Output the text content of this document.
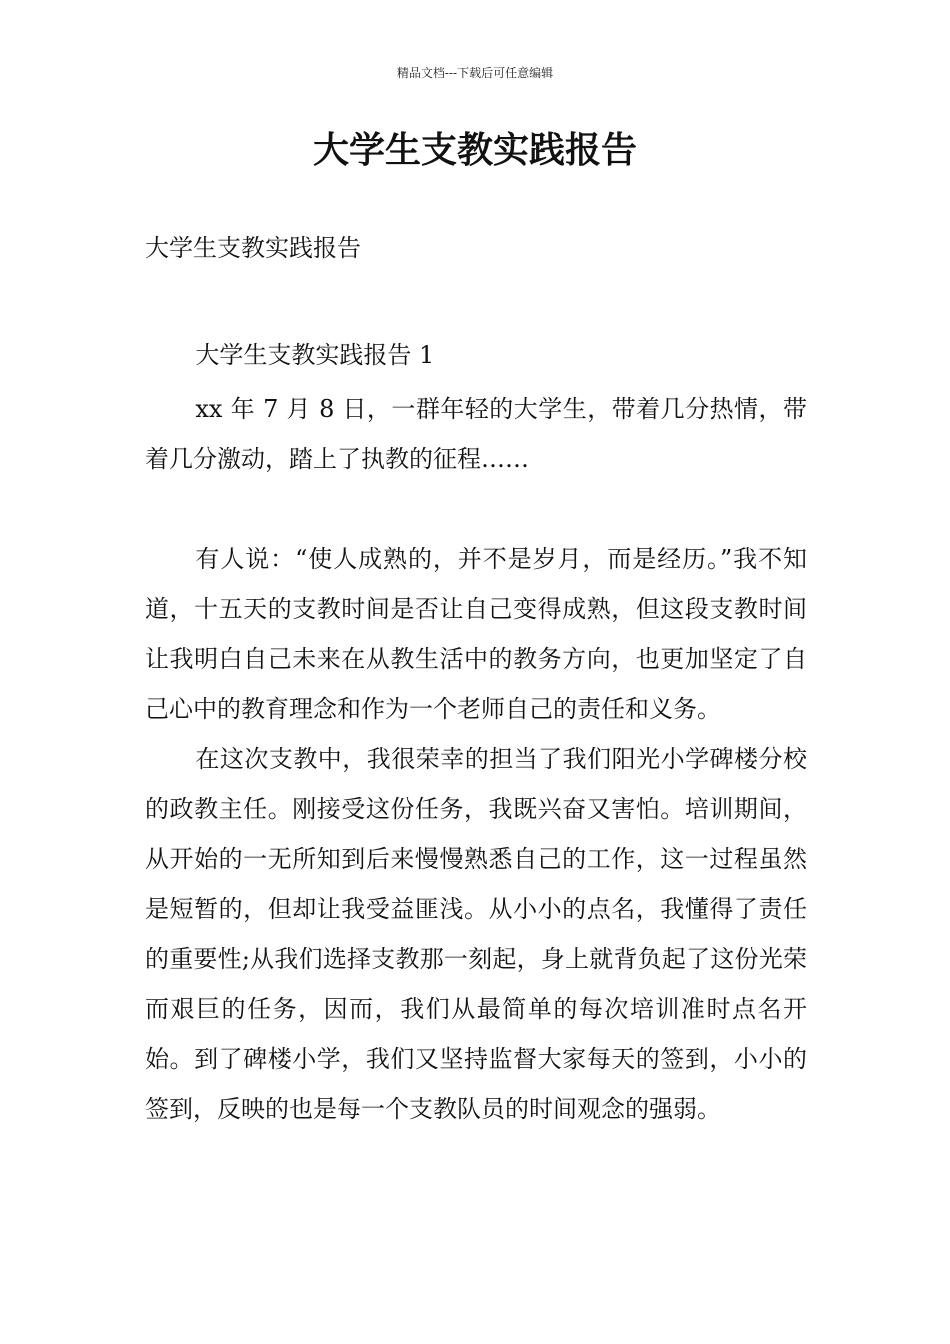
精品文档---下载后可任意编辑
大学生支教实践报告

大学生支教实践报告

大学生支教实践报告 1

xx 年 7 月 8 日，一群年轻的大学生，带着几分热情，带着几分激动，踏上了执教的征程……

有人说：“使人成熟的，并不是岁月，而是经历。”我不知道，十五天的支教时间是否让自己变得成熟，但这段支教时间让我明白自己未来在从教生活中的教务方向，也更加坚定了自己心中的教育理念和作为一个老师自己的责任和义务。

在这次支教中，我很荣幸的担当了我们阳光小学碑楼分校的政教主任。刚接受这份任务，我既兴奋又害怕。培训期间，从开始的一无所知到后来慢慢熟悉自己的工作，这一过程虽然是短暂的，但却让我受益匪浅。从小小的点名，我懂得了责任的重要性;从我们选择支教那一刻起，身上就背负起了这份光荣而艰巨的任务，因而，我们从最简单的每次培训准时点名开始。到了碑楼小学，我们又坚持监督大家每天的签到，小小的签到，反映的也是每一个支教队员的时间观念的强弱。
